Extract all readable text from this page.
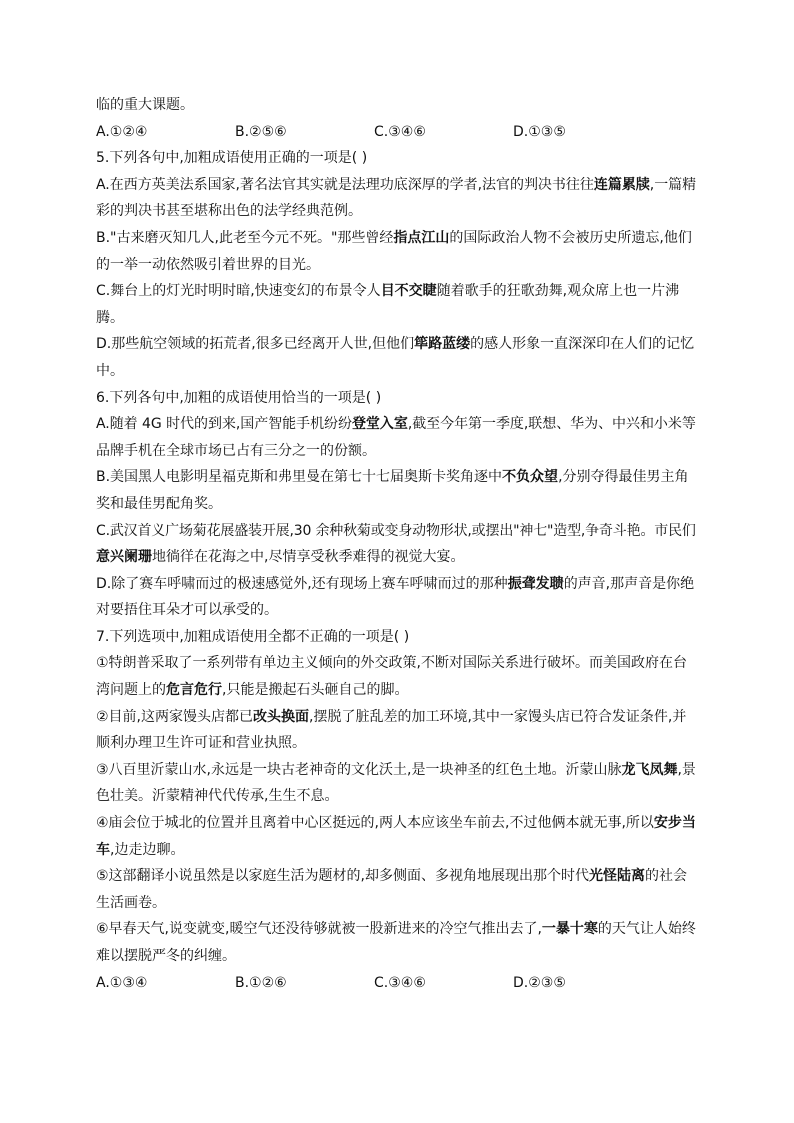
临的重大课题。
A.①②④	B.②⑤⑥	C.③④⑥	D.①③⑤
5.下列各句中,加粗成语使用正确的一项是( )
A.在西方英美法系国家,著名法官其实就是法理功底深厚的学者,法官的判决书往往连篇累牍,一篇精
彩的判决书甚至堪称出色的法学经典范例。
B."古来磨灭知几人,此老至今元不死。"那些曾经指点江山的国际政治人物不会被历史所遗忘,他们
的一举一动依然吸引着世界的目光。
C.舞台上的灯光时明时暗,快速变幻的布景令人目不交睫随着歌手的狂歌劲舞,观众席上也一片沸
腾。
D.那些航空领域的拓荒者,很多已经离开人世,但他们筚路蓝缕的感人形象一直深深印在人们的记忆
中。
6.下列各句中,加粗的成语使用恰当的一项是( )
A.随着 4G 时代的到来,国产智能手机纷纷登堂入室,截至今年第一季度,联想、华为、中兴和小米等
品牌手机在全球市场已占有三分之一的份额。
B.美国黑人电影明星福克斯和弗里曼在第七十七届奥斯卡奖角逐中不负众望,分别夺得最佳男主角
奖和最佳男配角奖。
C.武汉首义广场菊花展盛装开展,30 余种秋菊或变身动物形状,或摆出"神七"造型,争奇斗艳。市民们
意兴阑珊地徜徉在花海之中,尽情享受秋季难得的视觉大宴。
D.除了赛车呼啸而过的极速感觉外,还有现场上赛车呼啸而过的那种振聋发聩的声音,那声音是你绝
对要捂住耳朵才可以承受的。
7.下列选项中,加粗成语使用全都不正确的一项是( )
①特朗普采取了一系列带有单边主义倾向的外交政策,不断对国际关系进行破坏。而美国政府在台
湾问题上的危言危行,只能是搬起石头砸自己的脚。
②目前,这两家馒头店都已改头换面,摆脱了脏乱差的加工环境,其中一家馒头店已符合发证条件,并
顺利办理卫生许可证和营业执照。
③八百里沂蒙山水,永远是一块古老神奇的文化沃土,是一块神圣的红色土地。沂蒙山脉龙飞凤舞,景
色壮美。沂蒙精神代代传承,生生不息。
④庙会位于城北的位置并且离着中心区挺远的,两人本应该坐车前去,不过他俩本就无事,所以安步当
车,边走边聊。
⑤这部翻译小说虽然是以家庭生活为题材的,却多侧面、多视角地展现出那个时代光怪陆离的社会
生活画卷。
⑥早春天气,说变就变,暖空气还没待够就被一股新进来的冷空气推出去了,一暴十寒的天气让人始终
难以摆脱严冬的纠缠。
A.①③④	B.①②⑥	C.③④⑥	D.②③⑤
